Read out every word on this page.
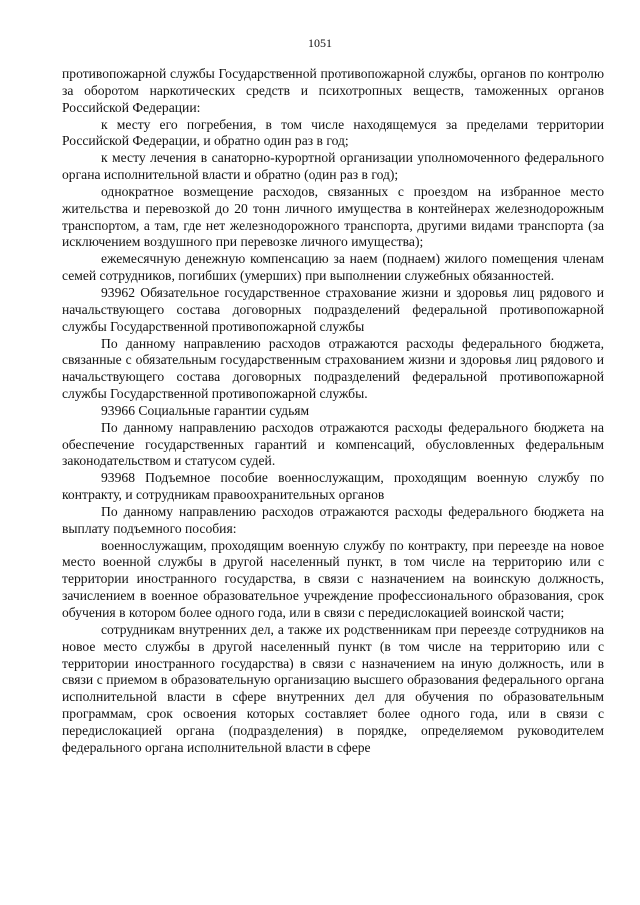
1051

противопожарной службы Государственной противопожарной службы, органов по контролю за оборотом наркотических средств и психотропных веществ, таможенных органов Российской Федерации:

к месту его погребения, в том числе находящемуся за пределами территории Российской Федерации, и обратно один раз в год;

к месту лечения в санаторно-курортной организации уполномоченного федерального органа исполнительной власти и обратно (один раз в год);

однократное возмещение расходов, связанных с проездом на избранное место жительства и перевозкой до 20 тонн личного имущества в контейнерах железнодорожным транспортом, а там, где нет железнодорожного транспорта, другими видами транспорта (за исключением воздушного при перевозке личного имущества);

ежемесячную денежную компенсацию за наем (поднаем) жилого помещения членам семей сотрудников, погибших (умерших) при выполнении служебных обязанностей.

93962 Обязательное государственное страхование жизни и здоровья лиц рядового и начальствующего состава договорных подразделений федеральной противопожарной службы Государственной противопожарной службы

По данному направлению расходов отражаются расходы федерального бюджета, связанные с обязательным государственным страхованием жизни и здоровья лиц рядового и начальствующего состава договорных подразделений федеральной противопожарной службы Государственной противопожарной службы.

93966 Социальные гарантии судьям

По данному направлению расходов отражаются расходы федерального бюджета на обеспечение государственных гарантий и компенсаций, обусловленных федеральным законодательством и статусом судей.

93968 Подъемное пособие военнослужащим, проходящим военную службу по контракту, и сотрудникам правоохранительных органов

По данному направлению расходов отражаются расходы федерального бюджета на выплату подъемного пособия:

военнослужащим, проходящим военную службу по контракту, при переезде на новое место военной службы в другой населенный пункт, в том числе на территорию или с территории иностранного государства, в связи с назначением на воинскую должность, зачислением в военное образовательное учреждение профессионального образования, срок обучения в котором более одного года, или в связи с передислокацией воинской части;

сотрудникам внутренних дел, а также их родственникам при переезде сотрудников на новое место службы в другой населенный пункт (в том числе на территорию или с территории иностранного государства) в связи с назначением на иную должность, или в связи с приемом в образовательную организацию высшего образования федерального органа исполнительной власти в сфере внутренних дел для обучения по образовательным программам, срок освоения которых составляет более одного года, или в связи с передислокацией органа (подразделения) в порядке, определяемом руководителем федерального органа исполнительной власти в сфере
